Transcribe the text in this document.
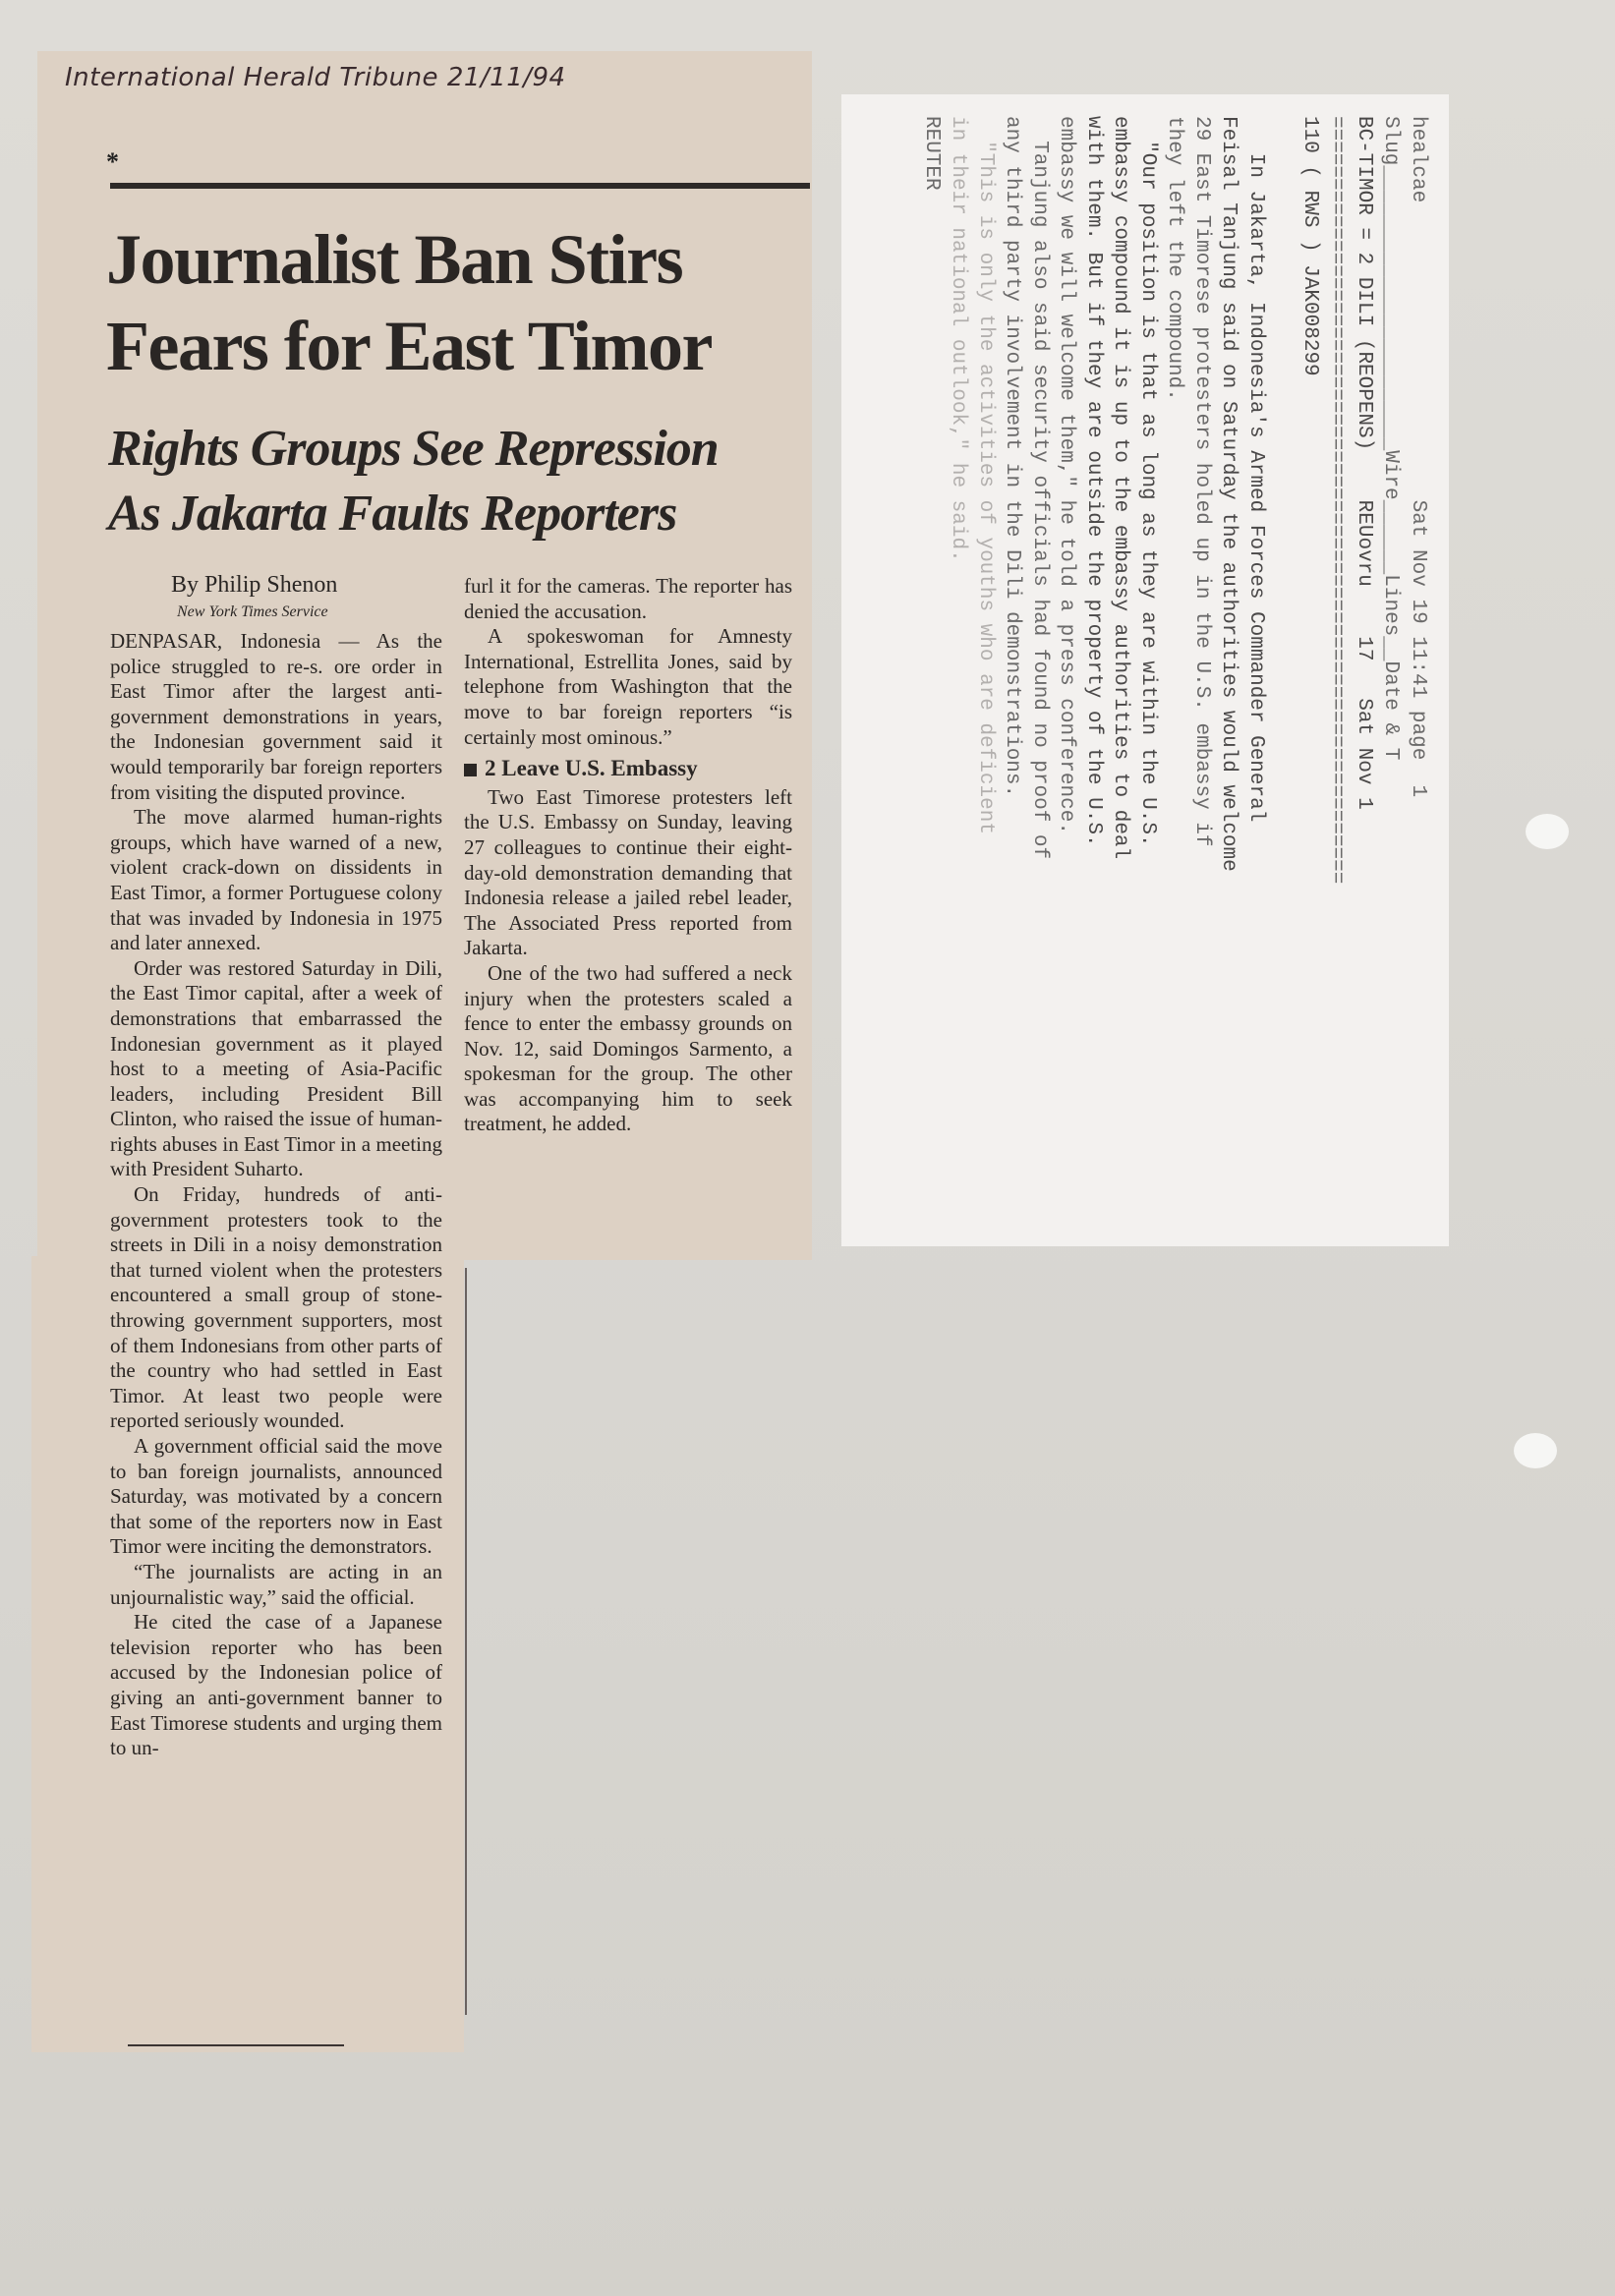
International Herald Tribune 21/11/94
*
Journalist Ban Stirs
Fears for East Timor
Rights Groups See Repression
As Jakarta Faults Reporters
By Philip Shenon
New York Times Service

DENPASAR, Indonesia — As the police struggled to re-s. ore order in East Timor after the largest anti-government demonstrations in years, the Indonesian government said it would temporarily bar foreign reporters from visiting the disputed province.

The move alarmed human-rights groups, which have warned of a new, violent crack-down on dissidents in East Timor, a former Portuguese colony that was invaded by Indonesia in 1975 and later annexed.

Order was restored Saturday in Dili, the East Timor capital, after a week of demonstrations that embarrassed the Indonesian government as it played host to a meeting of Asia-Pacific leaders, including President Bill Clinton, who raised the issue of human-rights abuses in East Timor in a meeting with President Suharto.

On Friday, hundreds of anti-government protesters took to the streets in Dili in a noisy demonstration that turned violent when the protesters encountered a small group of stone-throwing government supporters, most of them Indonesians from other parts of the country who had settled in East Timor. At least two people were reported seriously wounded.

A government official said the move to ban foreign journalists, announced Saturday, was motivated by a concern that some of the reporters now in East Timor were inciting the demonstrators.

“The journalists are acting in an unjournalistic way,” said the official.

He cited the case of a Japanese television reporter who has been accused by the Indonesian police of giving an anti-government banner to East Timorese students and urging them to un-

furl it for the cameras. The reporter has denied the accusation.

A spokeswoman for Amnesty International, Estrellita Jones, said by telephone from Washington that the move to bar foreign reporters “is certainly most ominous.”

2 Leave U.S. Embassy

Two East Timorese protesters left the U.S. Embassy on Sunday, leaving 27 colleagues to continue their eight-day-old demonstration demanding that Indonesia release a jailed rebel leader, The Associated Press reported from Jakarta.

One of the two had suffered a neck injury when the protesters scaled a fence to enter the embassy grounds on Nov. 12, said Domingos Sarmento, a spokesman for the group. The other was accompanying him to seek treatment, he added.

healcae                        Sat Nov 19 11:41 page  1
Slug_______________________Wire______Lines__Date & T
BC-TIMOR = 2 DILI (REOPENS)    REUovru    17   Sat Nov 1
==============================================================
110 ( RWS ) JAK008299

In Jakarta, Indonesia's Armed Forces Commander General
Feisal Tanjung said on Saturday the authorities would welcome
29 East Timorese protesters holed up in the U.S. embassy if
they left the compound.
"Our position is that as long as they are within the U.S.
embassy compound it is up to the embassy authorities to deal
with them. But if they are outside the property of the U.S.
embassy we will welcome them," he told a press conference.
Tanjung also said security officials had found no proof of
any third party involvement in the Dili demonstrations.
"This is only the activities of youths who are deficient
in their national outlook," he said.
REUTER
